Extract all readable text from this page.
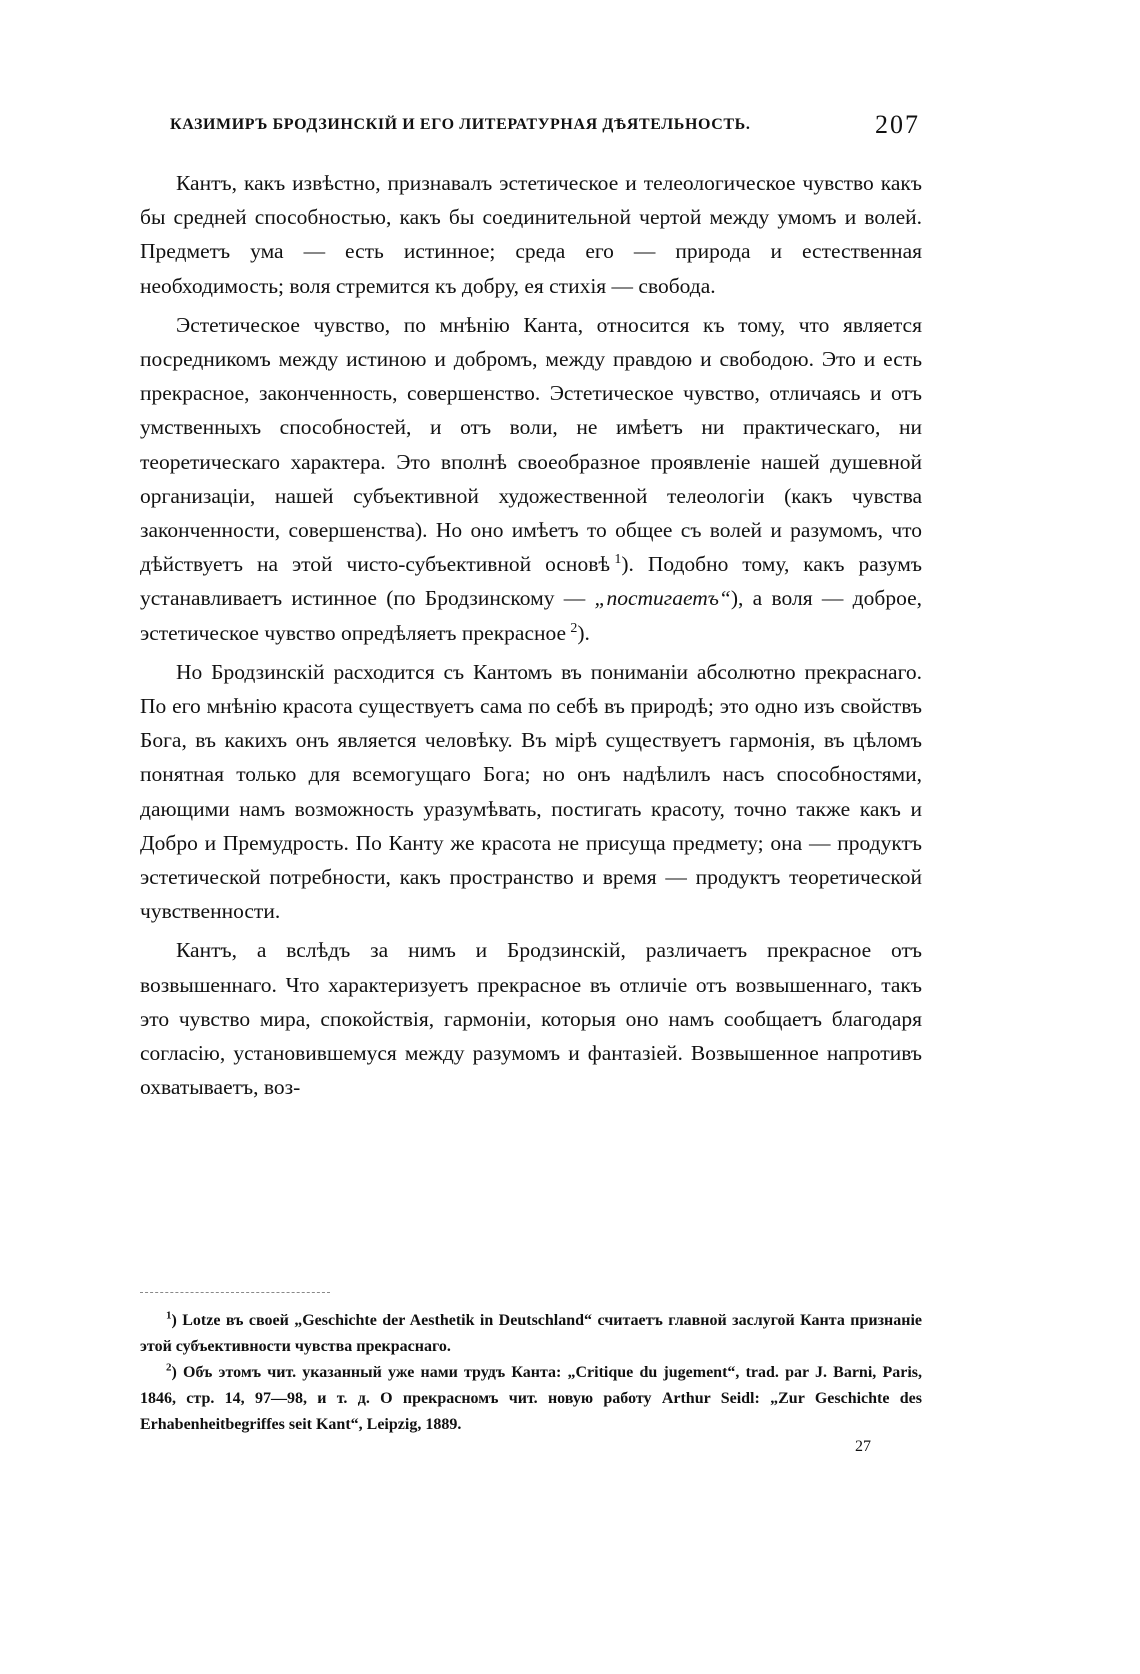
КАЗИМИРЪ БРОДЗИНСКІЙ И ЕГО ЛИТЕРАТУРНАЯ ДѢЯТЕЛЬНОСТЬ.	207

Кантъ, какъ извѣстно, признавалъ эстетическое и телеологическое чувство какъ бы средней способностью, какъ бы соединительной чертой между умомъ и волей. Предметъ ума — есть истинное; среда его — природа и естественная необходимость; воля стремится къ добру, ея стихія — свобода.

Эстетическое чувство, по мнѣнію Канта, относится къ тому, что является посредникомъ между истиною и добромъ, между правдою и свободою. Это и есть прекрасное, законченность, совершенство. Эстетическое чувство, отличаясь и отъ умственныхъ способностей, и отъ воли, не имѣетъ ни практическаго, ни теоретическаго характера. Это вполнѣ своеобразное проявленіе нашей душевной организаціи, нашей субъективной художественной телеологіи (какъ чувства законченности, совершенства). Но оно имѣетъ то общее съ волей и разумомъ, что дѣйствуетъ на этой чисто-субъективной основѣ  $^1$). Подобно тому, какъ разумъ устанавливаетъ истинное (по Бродзинскому — „постигаетъ“), а воля — доброе, эстетическое чувство опредѣляетъ прекрасное  $^2$).

Но Бродзинскій расходится съ Кантомъ въ пониманіи абсолютно прекраснаго. По его мнѣнію красота существуетъ сама по себѣ въ природѣ; это одно изъ свойствъ Бога, въ какихъ онъ является человѣку. Въ мірѣ существуетъ гармонія, въ цѣломъ понятная только для всемогущаго Бога; но онъ надѣлилъ насъ способностями, дающими намъ возможность уразумѣвать, постигать красоту, точно также какъ и Добро и Премудрость. По Канту же красота не присуща предмету; она — продуктъ эстетической потребности, какъ пространство и время — продуктъ теоретической чувственности.

Кантъ, а вслѣдъ за нимъ и Бродзинскій, различаетъ прекрасное отъ возвышеннаго. Что характеризуетъ прекрасное въ отличіе отъ возвышеннаго, такъ это чувство мира, спокойствія, гармоніи, которыя оно намъ сообщаетъ благодаря согласію, установившемуся между разумомъ и фантазіей. Возвышенное напротивъ охватываетъ, воз-

$^1$) Lotze въ своей „Geschichte der Aesthetik in Deutschland“ считаетъ главной заслугой Канта признаніе этой субъективности чувства прекраснаго.

$^2$) Объ этомъ чит. указанный уже нами трудъ Канта: „Critique du jugement“, trad. par J. Barni, Paris, 1846, стр. 14, 97—98, и т. д. О прекрасномъ чит. новую работу Arthur Seidl: „Zur Geschichte des Erhabenheitbegriffes seit Kant“, Leipzig, 1889.

27
